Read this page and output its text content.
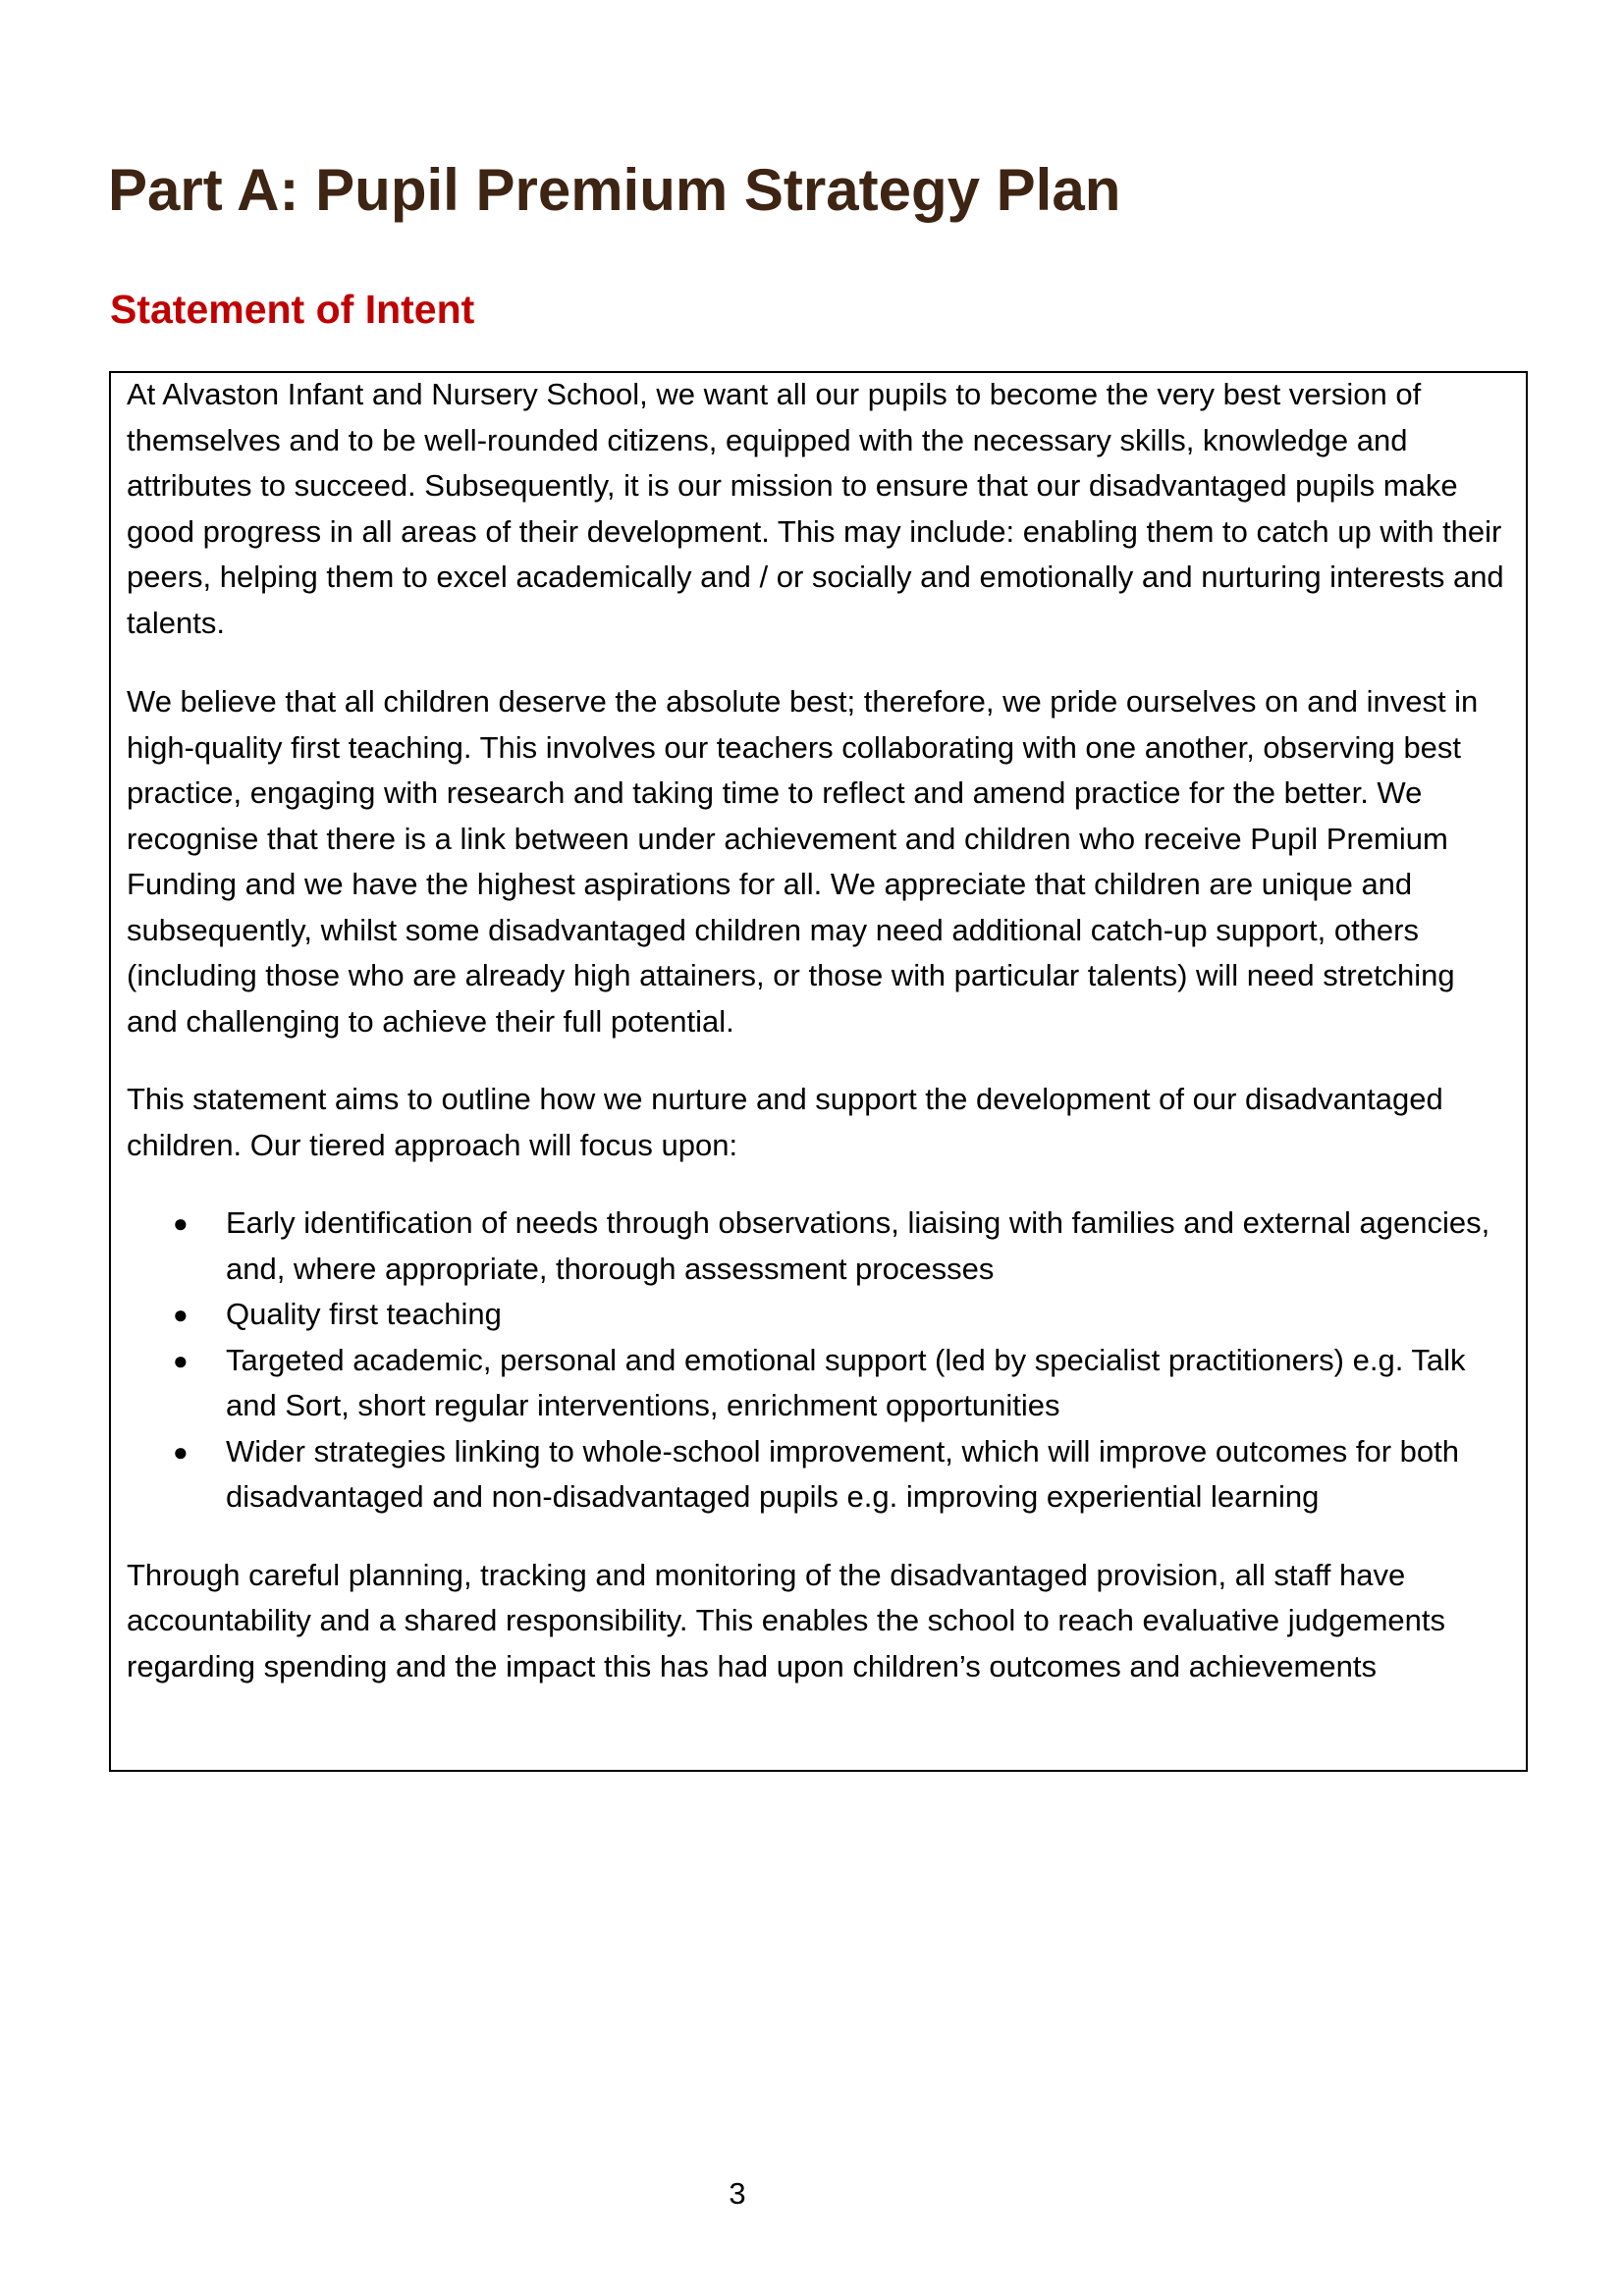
Part A: Pupil Premium Strategy Plan
Statement of Intent

At Alvaston Infant and Nursery School, we want all our pupils to become the very best version of themselves and to be well-rounded citizens, equipped with the necessary skills, knowledge and attributes to succeed. Subsequently, it is our mission to ensure that our disadvantaged pupils make good progress in all areas of their development. This may include: enabling them to catch up with their peers, helping them to excel academically and / or socially and emotionally and nurturing interests and talents.

We believe that all children deserve the absolute best; therefore, we pride ourselves on and invest in high-quality first teaching. This involves our teachers collaborating with one another, observing best practice, engaging with research and taking time to reflect and amend practice for the better. We recognise that there is a link between under achievement and children who receive Pupil Premium Funding and we have the highest aspirations for all. We appreciate that children are unique and subsequently, whilst some disadvantaged children may need additional catch-up support, others (including those who are already high attainers, or those with particular talents) will need stretching and challenging to achieve their full potential.

This statement aims to outline how we nurture and support the development of our disadvantaged children. Our tiered approach will focus upon:

● Early identification of needs through observations, liaising with families and external agencies, and, where appropriate, thorough assessment processes
● Quality first teaching
● Targeted academic, personal and emotional support (led by specialist practitioners) e.g. Talk and Sort, short regular interventions, enrichment opportunities
● Wider strategies linking to whole-school improvement, which will improve outcomes for both disadvantaged and non-disadvantaged pupils e.g. improving experiential learning

Through careful planning, tracking and monitoring of the disadvantaged provision, all staff have accountability and a shared responsibility. This enables the school to reach evaluative judgements regarding spending and the impact this has had upon children’s outcomes and achievements

3
